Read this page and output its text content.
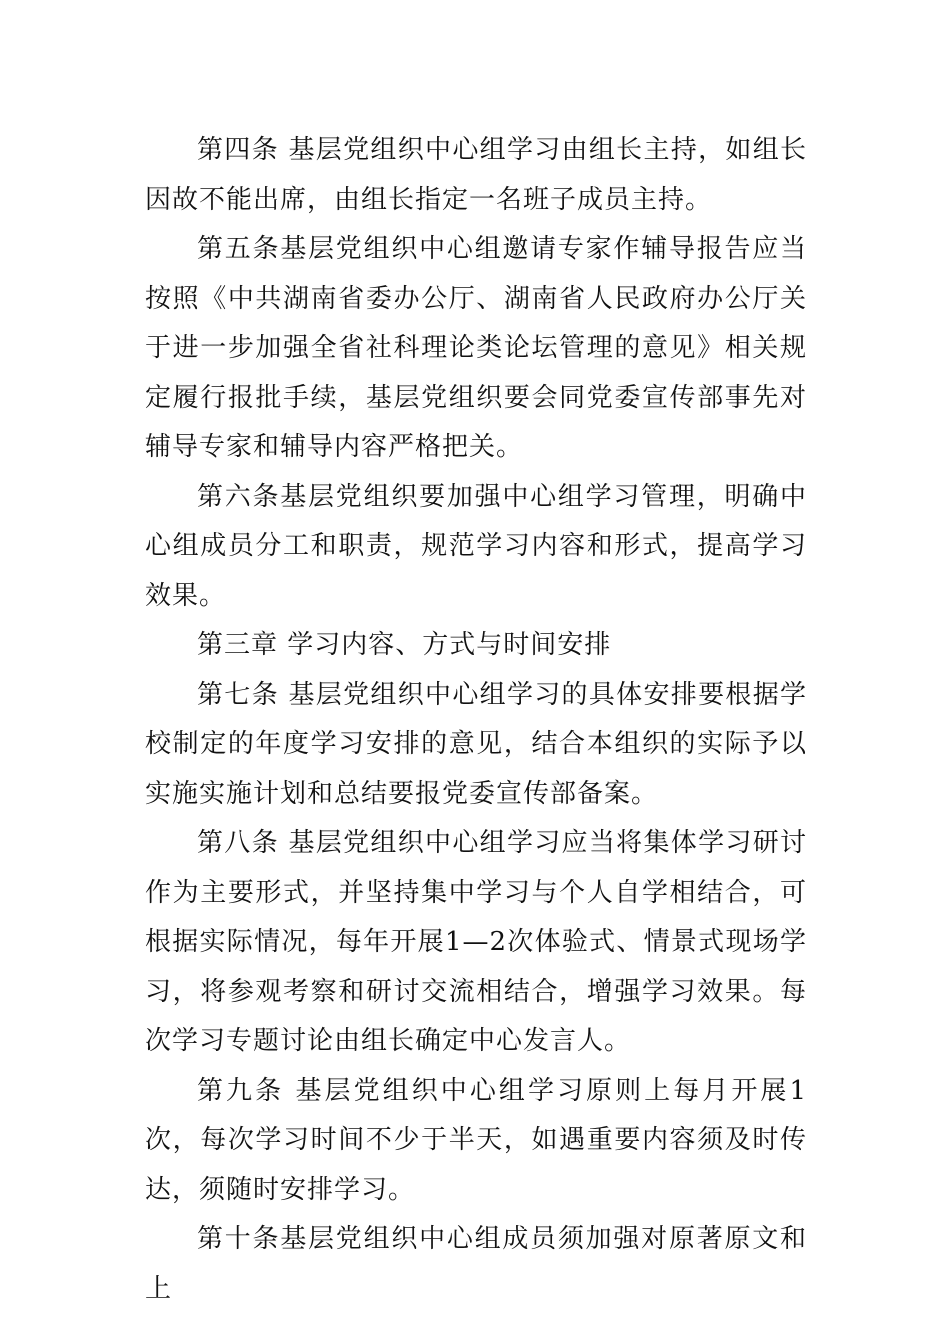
第四条 基层党组织中心组学习由组长主持，如组长因故不能出席，由组长指定一名班子成员主持。

第五条基层党组织中心组邀请专家作辅导报告应当按照《中共湖南省委办公厅、湖南省人民政府办公厅关于进一步加强全省社科理论类论坛管理的意见》相关规定履行报批手续，基层党组织要会同党委宣传部事先对辅导专家和辅导内容严格把关。

第六条基层党组织要加强中心组学习管理，明确中心组成员分工和职责，规范学习内容和形式，提高学习效果。

第三章 学习内容、方式与时间安排

第七条 基层党组织中心组学习的具体安排要根据学校制定的年度学习安排的意见，结合本组织的实际予以实施实施计划和总结要报党委宣传部备案。

第八条 基层党组织中心组学习应当将集体学习研讨作为主要形式，并坚持集中学习与个人自学相结合，可根据实际情况，每年开展1—2次体验式、情景式现场学习，将参观考察和研讨交流相结合，增强学习效果。每次学习专题讨论由组长确定中心发言人。

第九条 基层党组织中心组学习原则上每月开展1次，每次学习时间不少于半天，如遇重要内容须及时传达，须随时安排学习。

第十条基层党组织中心组成员须加强对原著原文和上
